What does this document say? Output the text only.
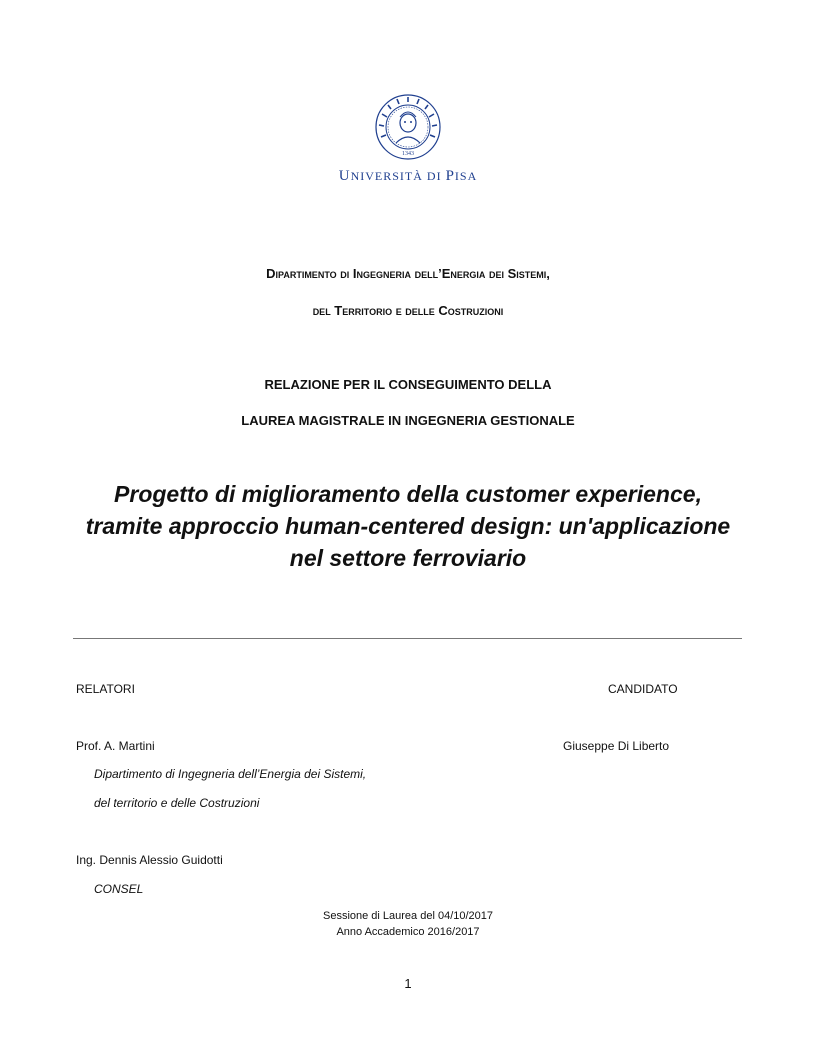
1343
UNIVERSITÀ DI PISA
Dipartimento di Ingegneria dell’Energia dei Sistemi,
del Territorio e delle Costruzioni
RELAZIONE PER IL CONSEGUIMENTO DELLA
LAUREA MAGISTRALE IN INGEGNERIA GESTIONALE
Progetto di miglioramento della customer experience,
tramite approccio human-centered design: un'applicazione
nel settore ferroviario
RELATORI	CANDIDATO
Prof. A. Martini	Giuseppe Di Liberto
Dipartimento di Ingegneria dell’Energia dei Sistemi,
del territorio e delle Costruzioni
Ing. Dennis Alessio Guidotti
CONSEL
Sessione di Laurea del 04/10/2017
Anno Accademico 2016/2017
1
